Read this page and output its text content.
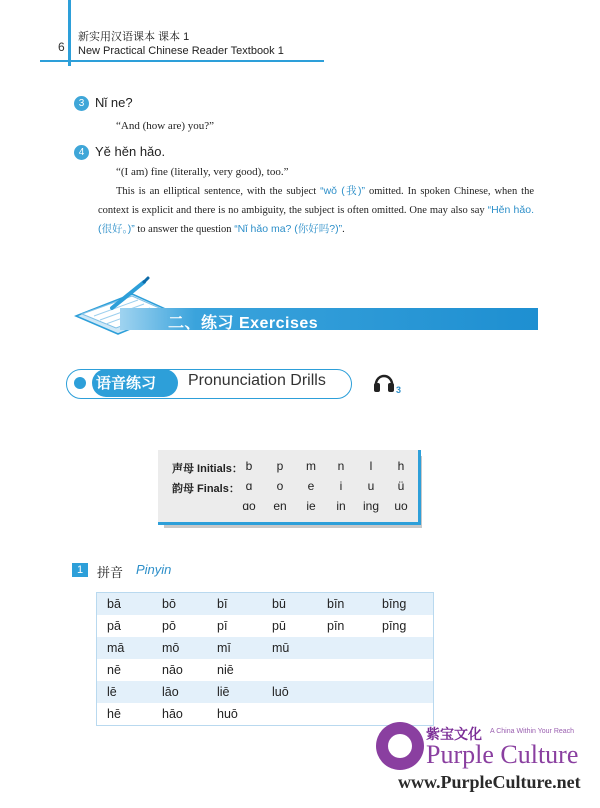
6
新实用汉语课本 课本 1
New Practical Chinese Reader Textbook 1
3 Nǐ ne?
“And (how are) you?”
4 Yě hěn hǎo.
“(I am) fine (literally, very good), too.”
This is an elliptical sentence, with the subject “wǒ (我)” omitted. In spoken Chinese, when the context is explicit and there is no ambiguity, the subject is often omitted. One may also say “Hěn hǎo. (很好。)” to answer the question “Nǐ hǎo ma? (你好吗?)”.
二、练习 Exercises
语音练习 Pronunciation Drills
3
声母 Initials： b	p	m	n	l	h
韵母 Finals： ɑ	o	e	i	u	ü
ɑo	en	ie	in	ing	uo
1	拼音 Pinyin
bā	bō	bī	bū	bīn	bīng
pā	pō	pī	pū	pīn	pīng
mā	mō	mī	mū
nē	nāo	niē
lē	lāo	liē	luō
hē	hāo	huō
紫宝文化 A China Within Your Reach
Purple Culture
www.PurpleCulture.net
